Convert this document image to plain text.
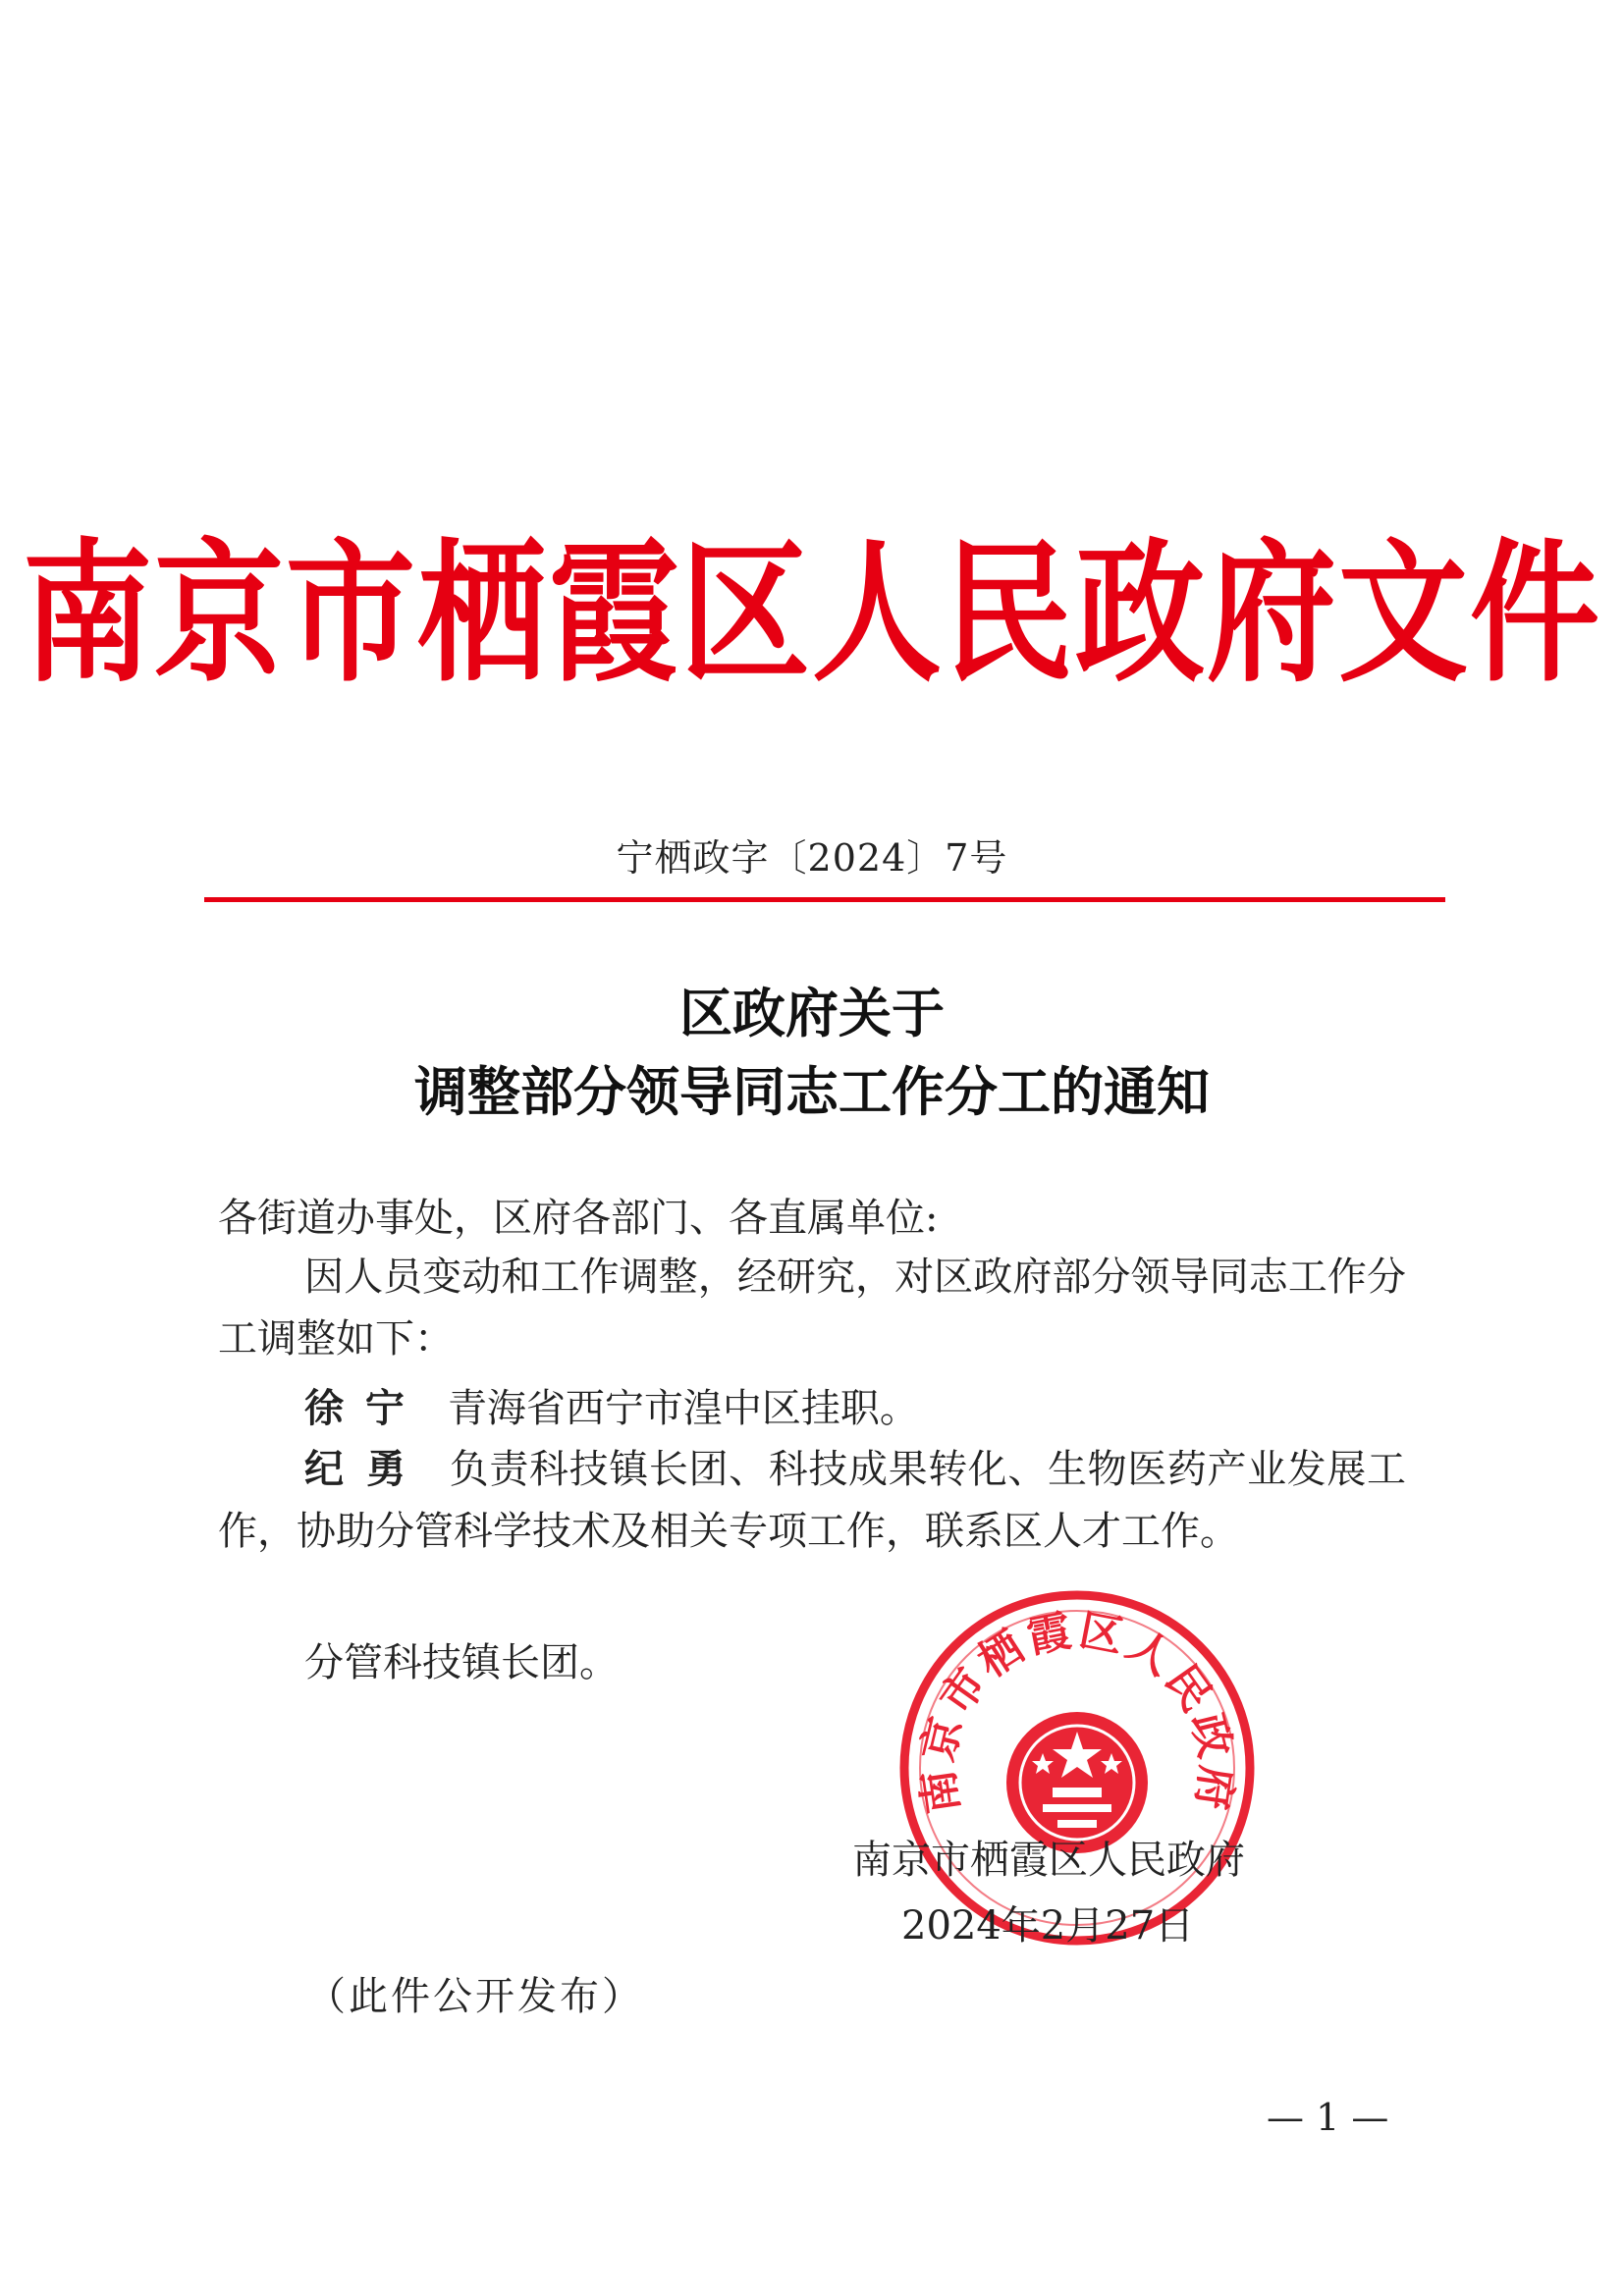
南京市栖霞区人民政府文件
宁栖政字〔2024〕7号
区政府关于
调整部分领导同志工作分工的通知
各街道办事处，区府各部门、各直属单位:
因人员变动和工作调整，经研究，对区政府部分领导同志工作分工调整如下：
徐 宁 青海省西宁市湟中区挂职。
纪 勇 负责科技镇长团、科技成果转化、生物医药产业发展工作，协助分管科学技术及相关专项工作，联系区人才工作。
分管科技镇长团。
南京市栖霞区人民政府
南京市栖霞区人民政府
2024年2月27日
（此件公开发布）
— 1 —
